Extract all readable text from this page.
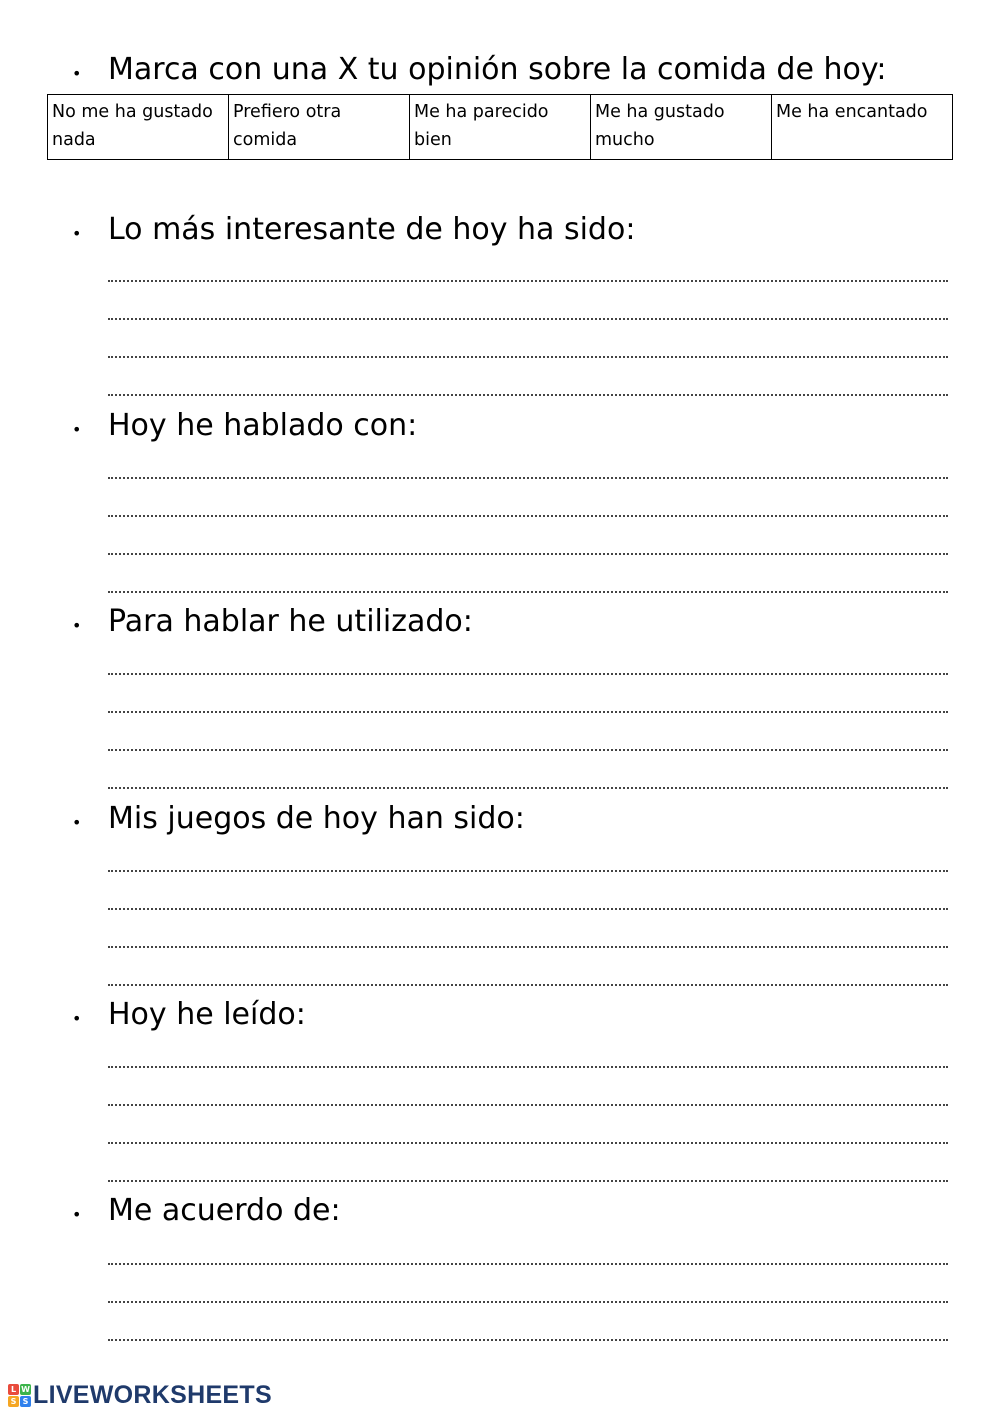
• Marca con una X tu opinión sobre la comida de hoy:
No me ha gustado nada	Prefiero otra comida	Me ha parecido bien	Me ha gustado mucho	Me ha encantado
• Lo más interesante de hoy ha sido:
• Hoy he hablado con:
• Para hablar he utilizado:
• Mis juegos de hoy han sido:
• Hoy he leído:
• Me acuerdo de:
L W
S S LIVEWORKSHEETS
